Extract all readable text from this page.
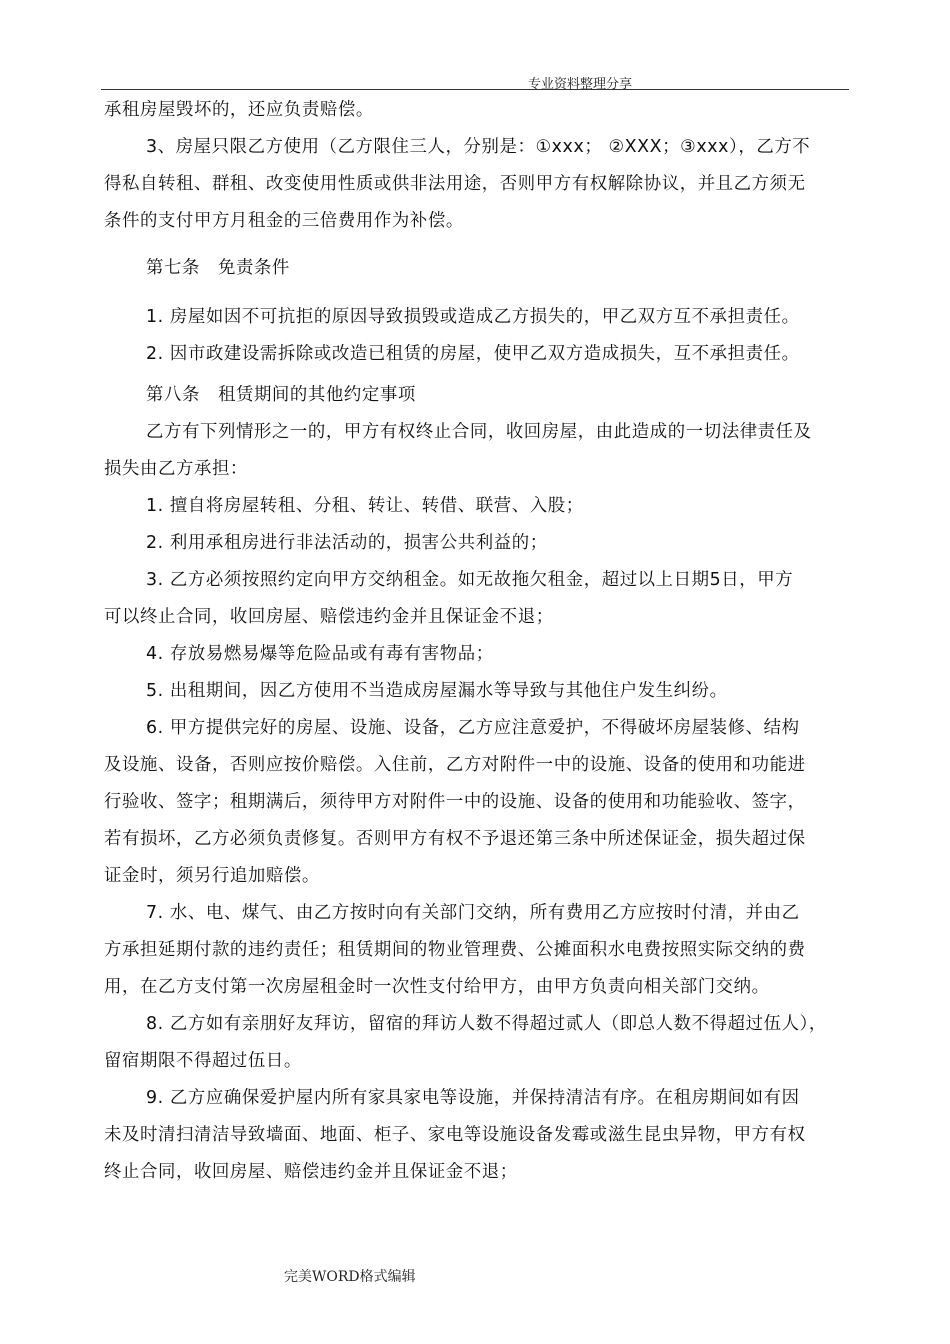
专业资料整理分享

承租房屋毁坏的，还应负责赔偿。

3、房屋只限乙方使用（乙方限住三人，分别是：①xxx； ②XXX；③xxx），乙方不

得私自转租、群租、改变使用性质或供非法用途，否则甲方有权解除协议，并且乙方须无

条件的支付甲方月租金的三倍费用作为补偿。

第七条　免责条件

1. 房屋如因不可抗拒的原因导致损毁或造成乙方损失的，甲乙双方互不承担责任。

2. 因市政建设需拆除或改造已租赁的房屋，使甲乙双方造成损失，互不承担责任。

第八条　租赁期间的其他约定事项

乙方有下列情形之一的，甲方有权终止合同，收回房屋，由此造成的一切法律责任及

损失由乙方承担：

1. 擅自将房屋转租、分租、转让、转借、联营、入股；

2. 利用承租房进行非法活动的，损害公共利益的；

3. 乙方必须按照约定向甲方交纳租金。如无故拖欠租金，超过以上日期5日，甲方

可以终止合同，收回房屋、赔偿违约金并且保证金不退；

4. 存放易燃易爆等危险品或有毒有害物品；

5. 出租期间，因乙方使用不当造成房屋漏水等导致与其他住户发生纠纷。

6. 甲方提供完好的房屋、设施、设备，乙方应注意爱护，不得破坏房屋装修、结构

及设施、设备，否则应按价赔偿。入住前，乙方对附件一中的设施、设备的使用和功能进

行验收、签字；租期满后，须待甲方对附件一中的设施、设备的使用和功能验收、签字，

若有损坏，乙方必须负责修复。否则甲方有权不予退还第三条中所述保证金，损失超过保

证金时，须另行追加赔偿。

7. 水、电、煤气、由乙方按时向有关部门交纳，所有费用乙方应按时付清，并由乙

方承担延期付款的违约责任；租赁期间的物业管理费、公摊面积水电费按照实际交纳的费

用，在乙方支付第一次房屋租金时一次性支付给甲方，由甲方负责向相关部门交纳。

8. 乙方如有亲朋好友拜访，留宿的拜访人数不得超过贰人（即总人数不得超过伍人），

留宿期限不得超过伍日。

9. 乙方应确保爱护屋内所有家具家电等设施，并保持清洁有序。在租房期间如有因

未及时清扫清洁导致墙面、地面、柜子、家电等设施设备发霉或滋生昆虫异物，甲方有权

终止合同，收回房屋、赔偿违约金并且保证金不退；

完美WORD格式编辑
